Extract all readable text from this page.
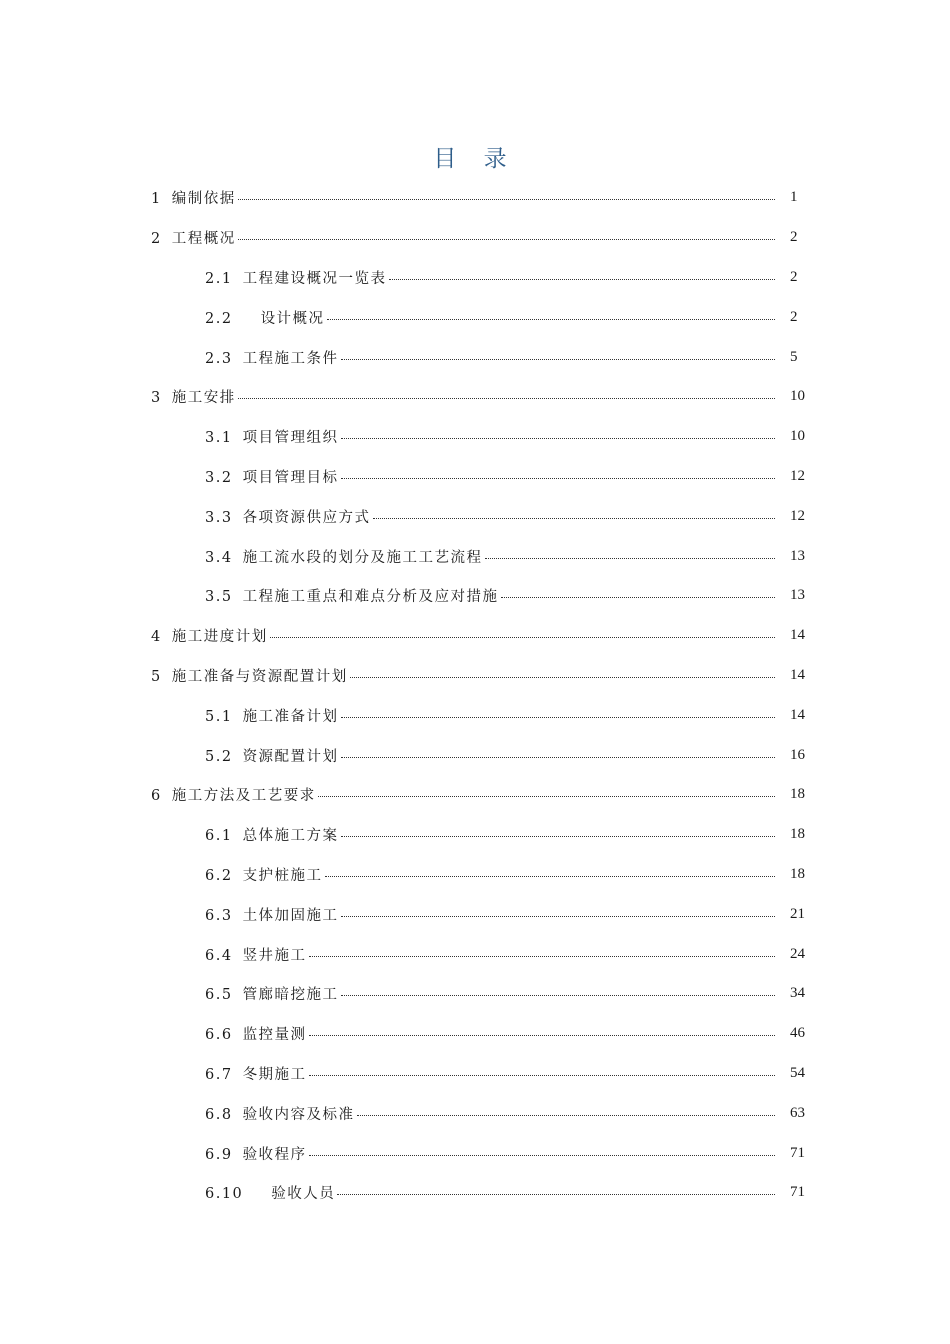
目 录
1 编制依据	1
2 工程概况	2
2.1 工程建设概况一览表	2
2.2 设计概况	2
2.3 工程施工条件	5
3 施工安排	10
3.1 项目管理组织	10
3.2 项目管理目标	12
3.3 各项资源供应方式	12
3.4 施工流水段的划分及施工工艺流程	13
3.5 工程施工重点和难点分析及应对措施	13
4 施工进度计划	14
5 施工准备与资源配置计划	14
5.1 施工准备计划	14
5.2 资源配置计划	16
6 施工方法及工艺要求	18
6.1 总体施工方案	18
6.2 支护桩施工	18
6.3 土体加固施工	21
6.4 竖井施工	24
6.5 管廊暗挖施工	34
6.6 监控量测	46
6.7 冬期施工	54
6.8 验收内容及标准	63
6.9 验收程序	71
6.10 验收人员	71
